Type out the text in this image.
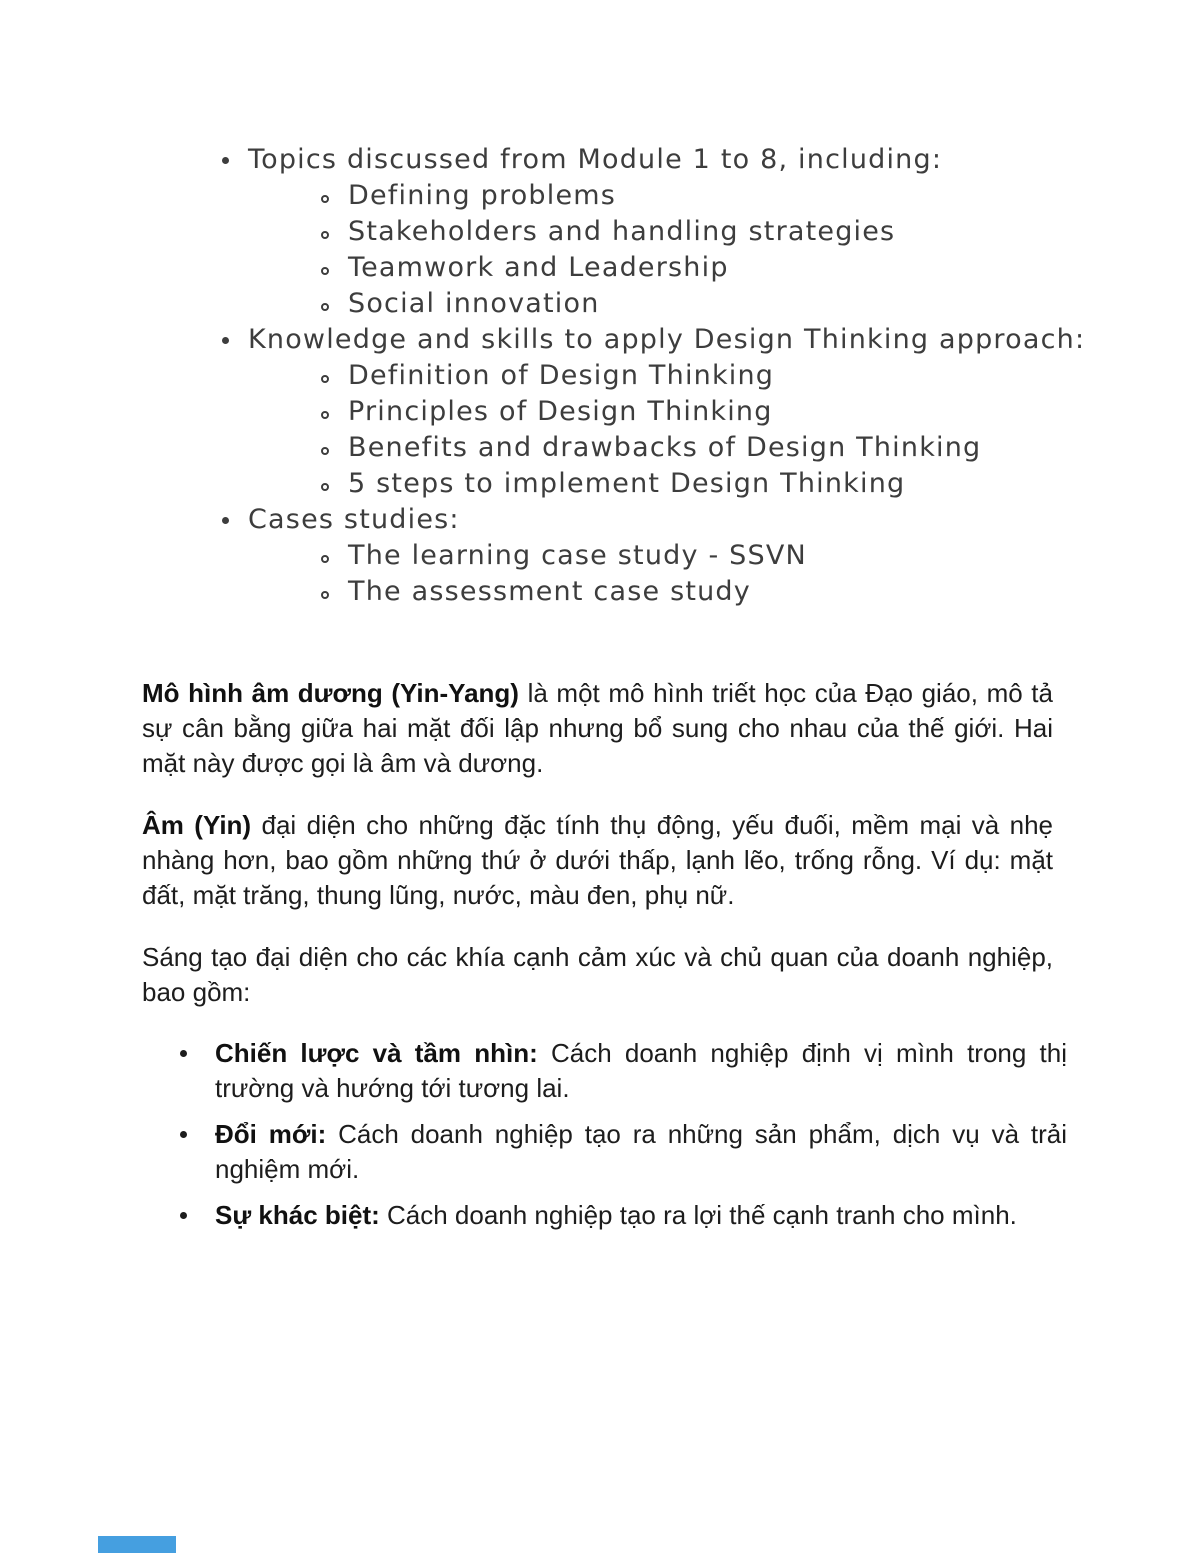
Topics discussed from Module 1 to 8, including:
Defining problems
Stakeholders and handling strategies
Teamwork and Leadership
Social innovation
Knowledge and skills to apply Design Thinking approach:
Definition of Design Thinking
Principles of Design Thinking
Benefits and drawbacks of Design Thinking
5 steps to implement Design Thinking
Cases studies:
The learning case study - SSVN
The assessment case study

Mô hình âm dương (Yin-Yang) là một mô hình triết học của Đạo giáo, mô tả sự cân bằng giữa hai mặt đối lập nhưng bổ sung cho nhau của thế giới. Hai mặt này được gọi là âm và dương.

Âm (Yin) đại diện cho những đặc tính thụ động, yếu đuối, mềm mại và nhẹ nhàng hơn, bao gồm những thứ ở dưới thấp, lạnh lẽo, trống rỗng. Ví dụ: mặt đất, mặt trăng, thung lũng, nước, màu đen, phụ nữ.

Sáng tạo đại diện cho các khía cạnh cảm xúc và chủ quan của doanh nghiệp, bao gồm:

Chiến lược và tầm nhìn: Cách doanh nghiệp định vị mình trong thị trường và hướng tới tương lai.
Đổi mới: Cách doanh nghiệp tạo ra những sản phẩm, dịch vụ và trải nghiệm mới.
Sự khác biệt: Cách doanh nghiệp tạo ra lợi thế cạnh tranh cho mình.
